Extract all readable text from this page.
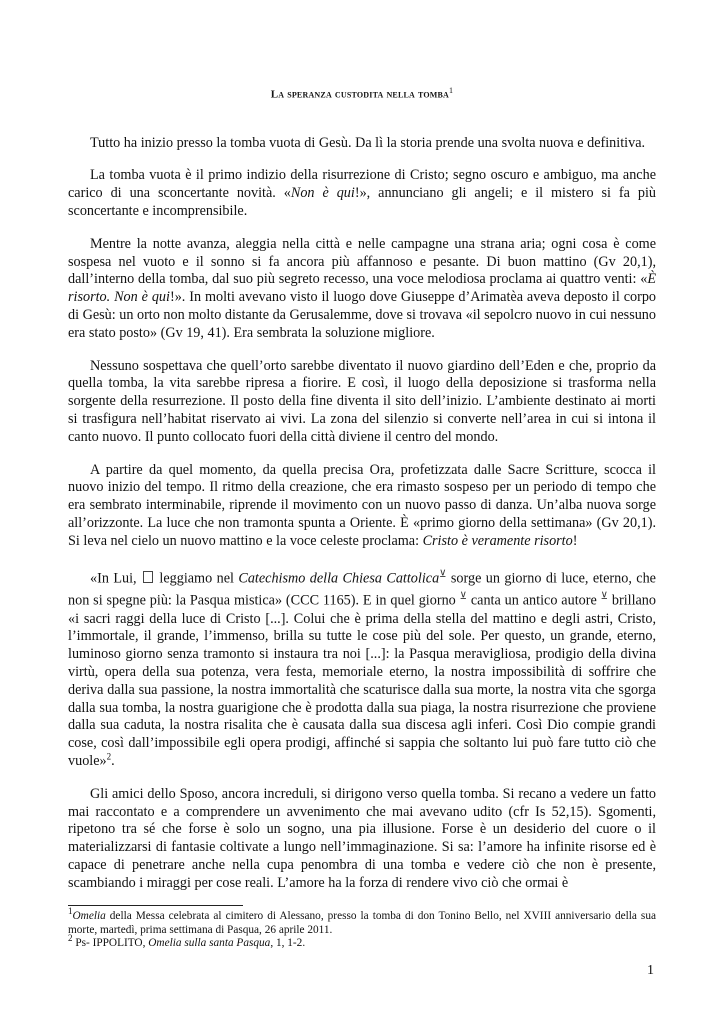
La speranza custodita nella tomba$^1$

Tutto ha inizio presso la tomba vuota di Gesù. Da lì la storia prende una svolta nuova e definitiva.

La tomba vuota è il primo indizio della risurrezione di Cristo; segno oscuro e ambiguo, ma anche carico di una sconcertante novità. «Non è qui!», annunciano gli angeli; e il mistero si fa più sconcertante e incomprensibile.

Mentre la notte avanza, aleggia nella città e nelle campagne una strana aria; ogni cosa è come sospesa nel vuoto e il sonno si fa ancora più affannoso e pesante. Di buon mattino (Gv 20,1), dall’interno della tomba, dal suo più segreto recesso, una voce melodiosa proclama ai quattro venti: «È risorto. Non è qui!». In molti avevano visto il luogo dove Giuseppe d’Arimatèa aveva deposto il corpo di Gesù: un orto non molto distante da Gerusalemme, dove si trovava «il sepolcro nuovo in cui nessuno era stato posto» (Gv 19, 41). Era sembrata la soluzione migliore.

Nessuno sospettava che quell’orto sarebbe diventato il nuovo giardino dell’Eden e che, proprio da quella tomba, la vita sarebbe ripresa a fiorire. E così, il luogo della deposizione si trasforma nella sorgente della resurrezione. Il posto della fine diventa il sito dell’inizio. L’ambiente destinato ai morti si trasfigura nell’habitat riservato ai vivi. La zona del silenzio si converte nell’area in cui si intona il canto nuovo. Il punto collocato fuori della città diviene il centro del mondo.

A partire da quel momento, da quella precisa Ora, profetizzata dalle Sacre Scritture, scocca il nuovo inizio del tempo. Il ritmo della creazione, che era rimasto sospeso per un periodo di tempo che era sembrato interminabile, riprende il movimento con un nuovo passo di danza. Un’alba nuova sorge all’orizzonte. La luce che non tramonta spunta a Oriente. È «primo giorno della settimana» (Gv 20,1). Si leva nel cielo un nuovo mattino e la voce celeste proclama: Cristo è veramente risorto!

«In Lui,  leggiamo nel Catechismo della Chiesa Cattolica⊻ sorge un giorno di luce, eterno, che non si spegne più: la Pasqua mistica» (CCC 1165). E in quel giorno ⊻ canta un antico autore ⊻ brillano «i sacri raggi della luce di Cristo [...]. Colui che è prima della stella del mattino e degli astri, Cristo, l’immortale, il grande, l’immenso, brilla su tutte le cose più del sole. Per questo, un grande, eterno, luminoso giorno senza tramonto si instaura tra noi [...]: la Pasqua meravigliosa, prodigio della divina virtù, opera della sua potenza, vera festa, memoriale eterno, la nostra impossibilità di soffrire che deriva dalla sua passione, la nostra immortalità che scaturisce dalla sua morte, la nostra vita che sgorga dalla sua tomba, la nostra guarigione che è prodotta dalla sua piaga, la nostra risurrezione che proviene dalla sua caduta, la nostra risalita che è causata dalla sua discesa agli inferi. Così Dio compie grandi cose, così dall’impossibile egli opera prodigi, affinché si sappia che soltanto lui può fare tutto ciò che vuole»$^2$.

Gli amici dello Sposo, ancora increduli, si dirigono verso quella tomba. Si recano a vedere un fatto mai raccontato e a comprendere un avvenimento che mai avevano udito (cfr Is 52,15). Sgomenti, ripetono tra sé che forse è solo un sogno, una pia illusione. Forse è un desiderio del cuore o il materializzarsi di fantasie coltivate a lungo nell’immaginazione. Si sa: l’amore ha infinite risorse ed è capace di penetrare anche nella cupa penombra di una tomba e vedere ciò che non è presente, scambiando i miraggi per cose reali. L’amore ha la forza di rendere vivo ciò che ormai è

$^1$Omelia della Messa celebrata al cimitero di Alessano, presso la tomba di don Tonino Bello, nel XVIII anniversario della sua morte, martedì, prima settimana di Pasqua, 26 aprile 2011.

$^2$ Ps- IPPOLITO, Omelia sulla santa Pasqua, 1, 1-2.

1
